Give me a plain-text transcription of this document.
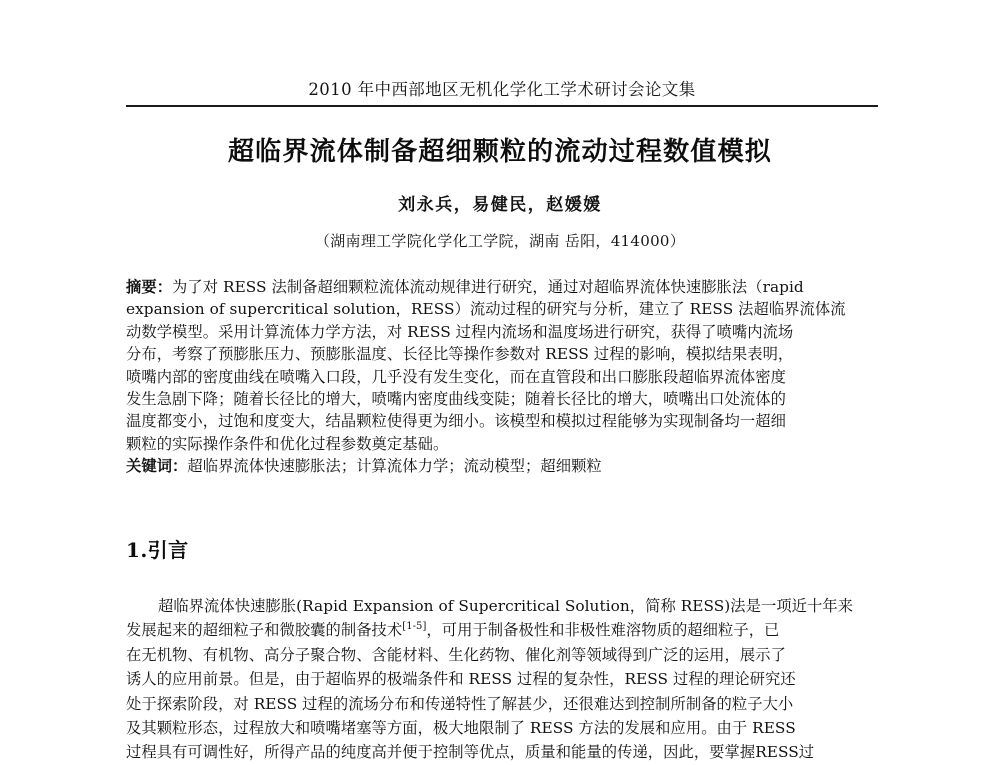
2010 年中西部地区无机化学化工学术研讨会论文集
超临界流体制备超细颗粒的流动过程数值模拟
刘永兵，易健民，赵媛媛
（湖南理工学院化学化工学院，湖南 岳阳，414000）
摘要：为了对 RESS 法制备超细颗粒流体流动规律进行研究，通过对超临界流体快速膨胀法（rapid
expansion of supercritical solution，RESS）流动过程的研究与分析，建立了 RESS 法超临界流体流
动数学模型。采用计算流体力学方法，对 RESS 过程内流场和温度场进行研究，获得了喷嘴内流场
分布，考察了预膨胀压力、预膨胀温度、长径比等操作参数对 RESS 过程的影响，模拟结果表明，
喷嘴内部的密度曲线在喷嘴入口段，几乎没有发生变化，而在直管段和出口膨胀段超临界流体密度
发生急剧下降；随着长径比的增大，喷嘴内密度曲线变陡；随着长径比的增大，喷嘴出口处流体的
温度都变小，过饱和度变大，结晶颗粒使得更为细小。该模型和模拟过程能够为实现制备均一超细
颗粒的实际操作条件和优化过程参数奠定基础。
关键词：超临界流体快速膨胀法；计算流体力学；流动模型；超细颗粒
1.引言
超临界流体快速膨胀(Rapid Expansion of Supercritical Solution，简称 RESS)法是一项近十年来
发展起来的超细粒子和微胶囊的制备技术[1-5]，可用于制备极性和非极性难溶物质的超细粒子，已
在无机物、有机物、高分子聚合物、含能材料、生化药物、催化剂等领域得到广泛的运用，展示了
诱人的应用前景。但是，由于超临界的极端条件和 RESS 过程的复杂性，RESS 过程的理论研究还
处于探索阶段，对 RESS 过程的流场分布和传递特性了解甚少，还很难达到控制所制备的粒子大小
及其颗粒形态，过程放大和喷嘴堵塞等方面，极大地限制了 RESS 方法的发展和应用。由于 RESS
过程具有可调性好，所得产品的纯度高并便于控制等优点，质量和能量的传递，因此，要掌握RESS过
